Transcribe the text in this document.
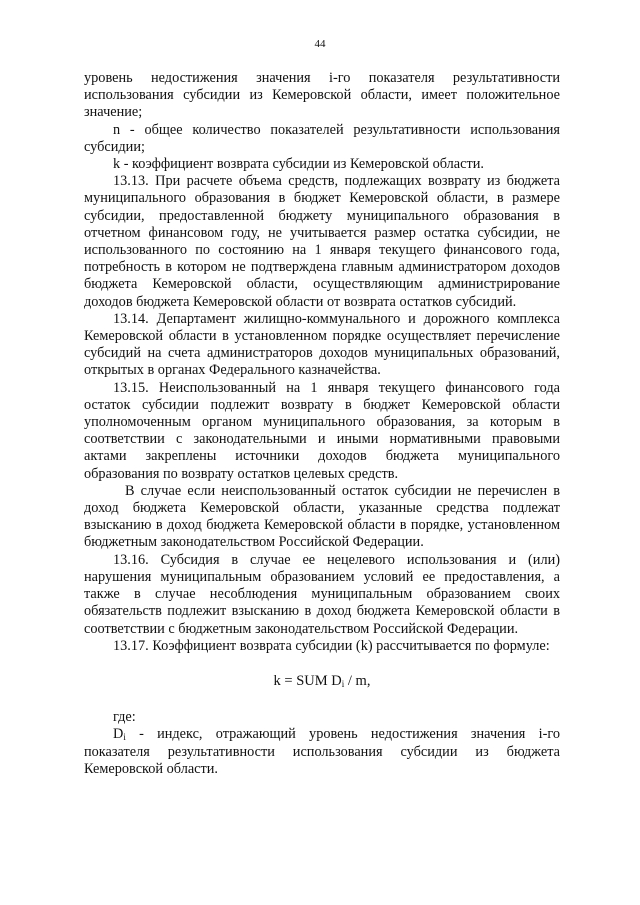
44

уровень недостижения значения i-го показателя результативности использования субсидии из Кемеровской области, имеет положительное значение;

n - общее количество показателей результативности использования субсидии;

k - коэффициент возврата субсидии из Кемеровской области.

13.13. При расчете объема средств, подлежащих возврату из бюджета муниципального образования в бюджет Кемеровской области, в размере субсидии, предоставленной бюджету муниципального образования в отчетном финансовом году, не учитывается размер остатка субсидии, не использованного по состоянию на 1 января текущего финансового года, потребность в котором не подтверждена главным администратором доходов бюджета Кемеровской области, осуществляющим администрирование доходов бюджета Кемеровской области от возврата остатков субсидий.

13.14. Департамент жилищно-коммунального и дорожного комплекса Кемеровской области в установленном порядке осуществляет перечисление субсидий на счета администраторов доходов муниципальных образований, открытых в органах Федерального казначейства.

13.15. Неиспользованный на 1 января текущего финансового года остаток субсидии подлежит возврату в бюджет Кемеровской области уполномоченным органом муниципального образования, за которым в соответствии с законодательными и иными нормативными правовыми актами закреплены источники доходов бюджета муниципального образования по возврату остатков целевых средств.

В случае если неиспользованный остаток субсидии не перечислен в доход бюджета Кемеровской области, указанные средства подлежат взысканию в доход бюджета Кемеровской области в порядке, установленном бюджетным законодательством Российской Федерации.

13.16. Субсидия в случае ее нецелевого использования и (или) нарушения муниципальным образованием условий ее предоставления, а также в случае несоблюдения муниципальным образованием своих обязательств подлежит взысканию в доход бюджета Кемеровской области в соответствии с бюджетным законодательством Российской Федерации.

13.17. Коэффициент возврата субсидии (k) рассчитывается по формуле:

k = SUM $D_i$ / m,

где:

$D_i$ - индекс, отражающий уровень недостижения значения i-го показателя результативности использования субсидии из бюджета Кемеровской области.
